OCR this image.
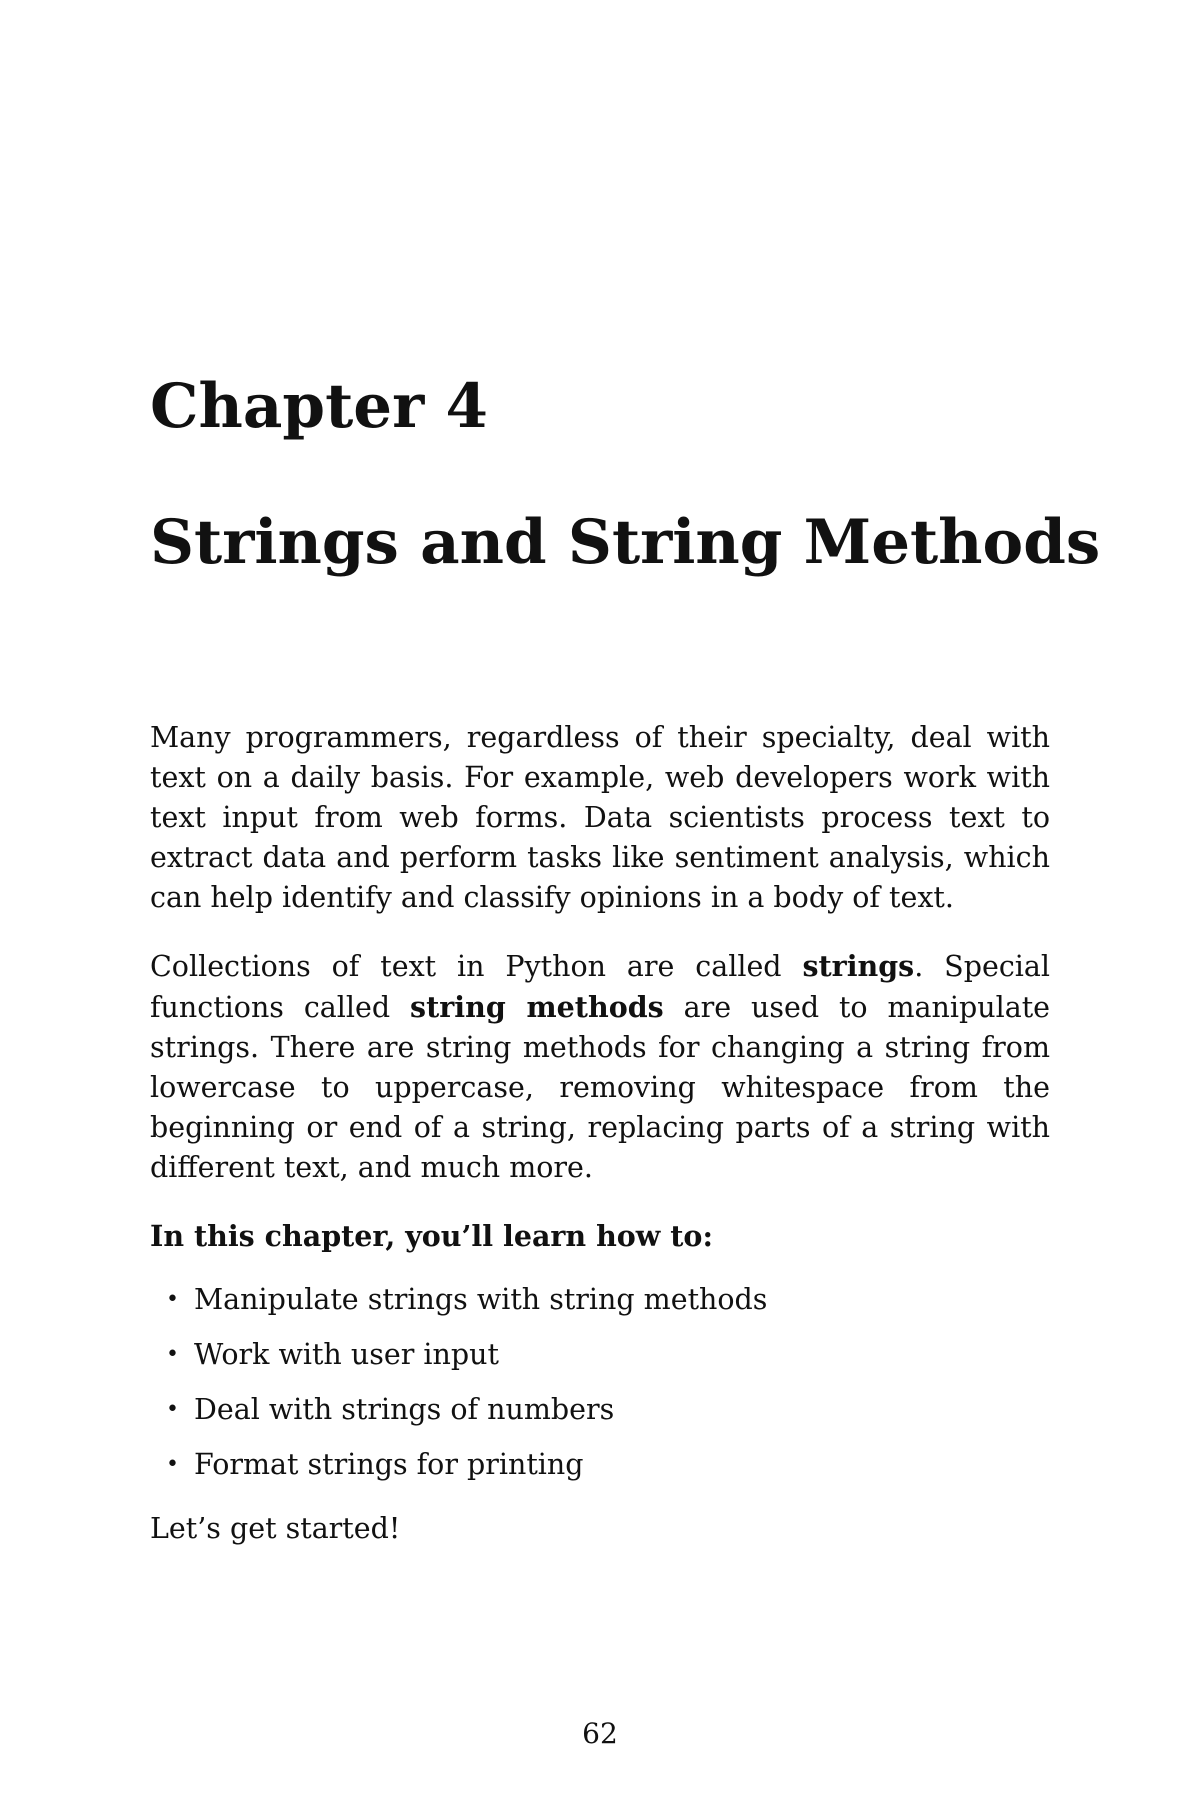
Chapter 4
Strings and String Methods

Many programmers, regardless of their specialty, deal with text on a daily basis. For example, web developers work with text input from web forms. Data scientists process text to extract data and perform tasks like sentiment analysis, which can help identify and classify opinions in a body of text.

Collections of text in Python are called strings. Special functions called string methods are used to manipulate strings. There are string methods for changing a string from lowercase to uppercase, removing whitespace from the beginning or end of a string, replacing parts of a string with different text, and much more.

In this chapter, you’ll learn how to:

• Manipulate strings with string methods
• Work with user input
• Deal with strings of numbers
• Format strings for printing

Let’s get started!

62
